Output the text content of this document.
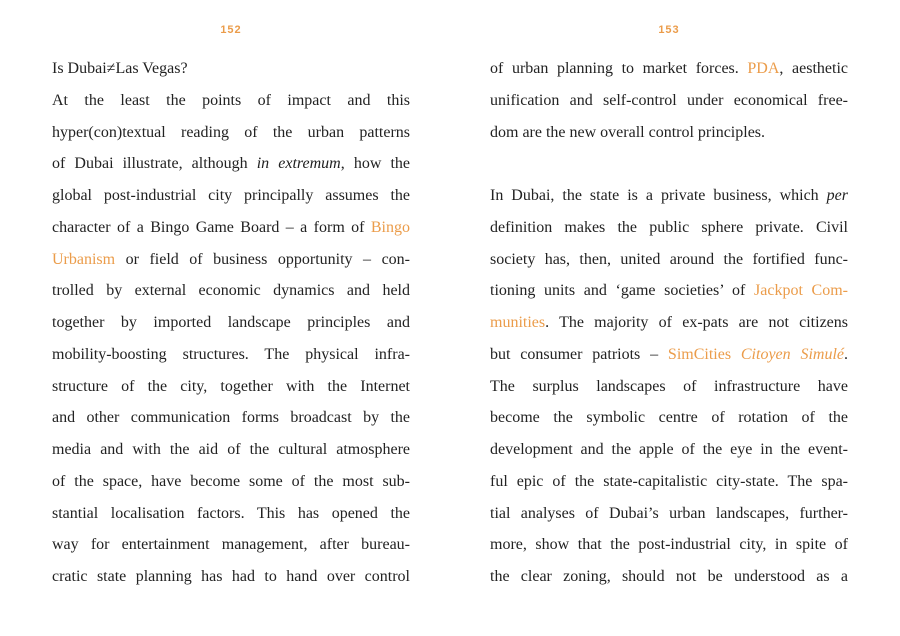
152
Is Dubai≠Las Vegas?
At the least the points of impact and this
hyper(con)textual reading of the urban patterns
of Dubai illustrate, although in extremum, how the
global post-industrial city principally assumes the
character of a Bingo Game Board – a form of Bingo
Urbanism or field of business opportunity – con-
trolled by external economic dynamics and held
together by imported landscape principles and
mobility-boosting structures. The physical infra-
structure of the city, together with the Internet
and other communication forms broadcast by the
media and with the aid of the cultural atmosphere
of the space, have become some of the most sub-
stantial localisation factors. This has opened the
way for entertainment management, after bureau-
cratic state planning has had to hand over control
153
of urban planning to market forces. PDA, aesthetic
unification and self-control under economical free-
dom are the new overall control principles.
In Dubai, the state is a private business, which per
definition makes the public sphere private. Civil
society has, then, united around the fortified func-
tioning units and ‘game societies’ of Jackpot Com-
munities. The majority of ex-pats are not citizens
but consumer patriots – SimCities Citoyen Simulé.
The surplus landscapes of infrastructure have
become the symbolic centre of rotation of the
development and the apple of the eye in the event-
ful epic of the state-capitalistic city-state. The spa-
tial analyses of Dubai’s urban landscapes, further-
more, show that the post-industrial city, in spite of
the clear zoning, should not be understood as a
